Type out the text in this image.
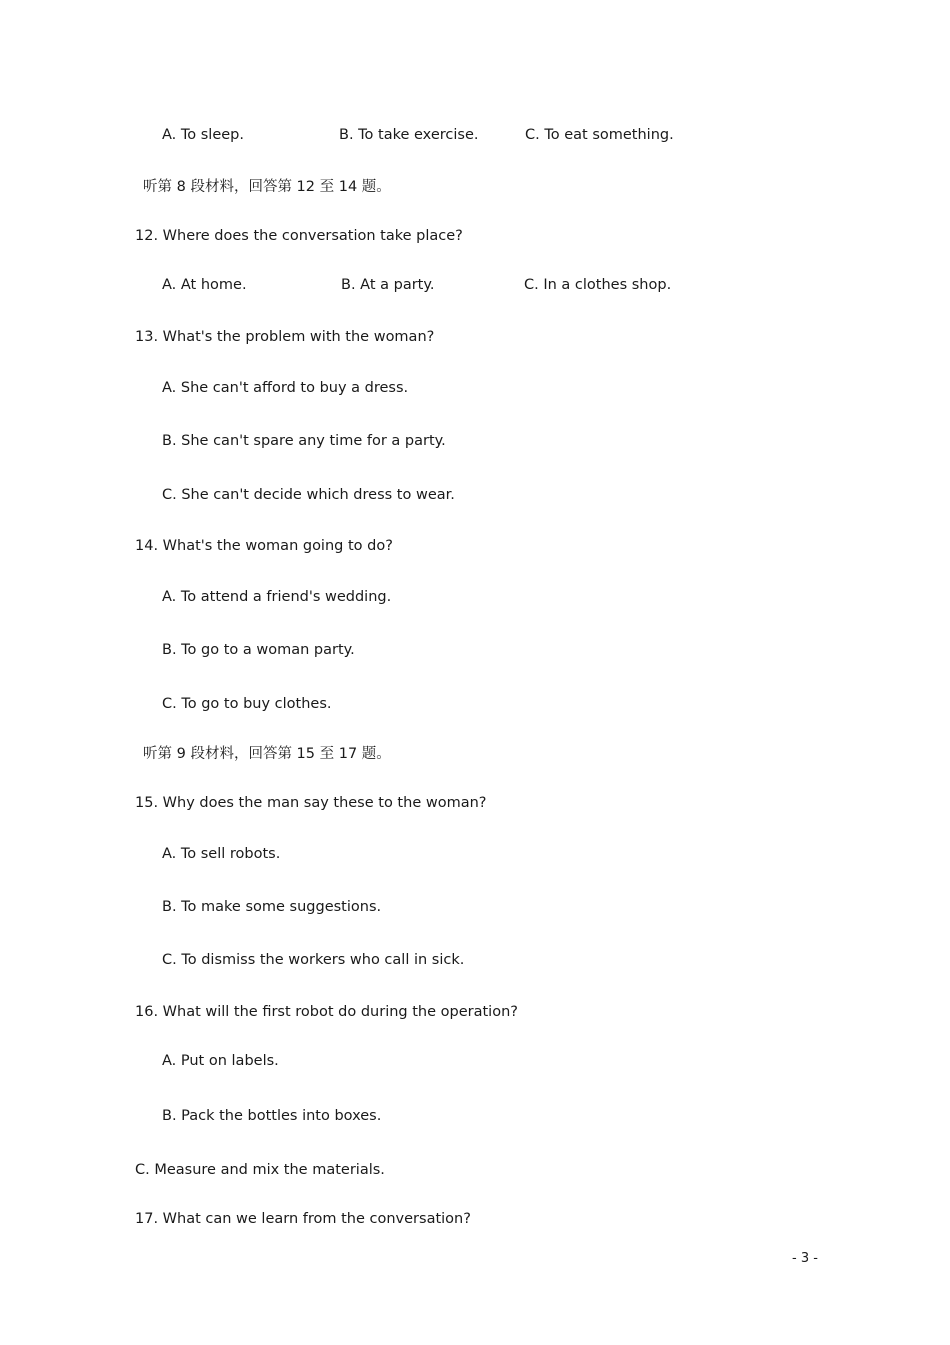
A. To sleep.	B. To take exercise.	C. To eat something.
听第 8 段材料，回答第 12 至 14 题。
12. Where does the conversation take place?
A. At home.	B. At a party.	C. In a clothes shop.
13. What's the problem with the woman?
A. She can't afford to buy a dress.
B. She can't spare any time for a party.
C. She can't decide which dress to wear.
14. What's the woman going to do?
A. To attend a friend's wedding.
B. To go to a woman party.
C. To go to buy clothes.
听第 9 段材料，回答第 15 至 17 题。
15. Why does the man say these to the woman?
A. To sell robots.
B. To make some suggestions.
C. To dismiss the workers who call in sick.
16. What will the first robot do during the operation?
A. Put on labels.
B. Pack the bottles into boxes.
C. Measure and mix the materials.
17. What can we learn from the conversation?
- 3 -
